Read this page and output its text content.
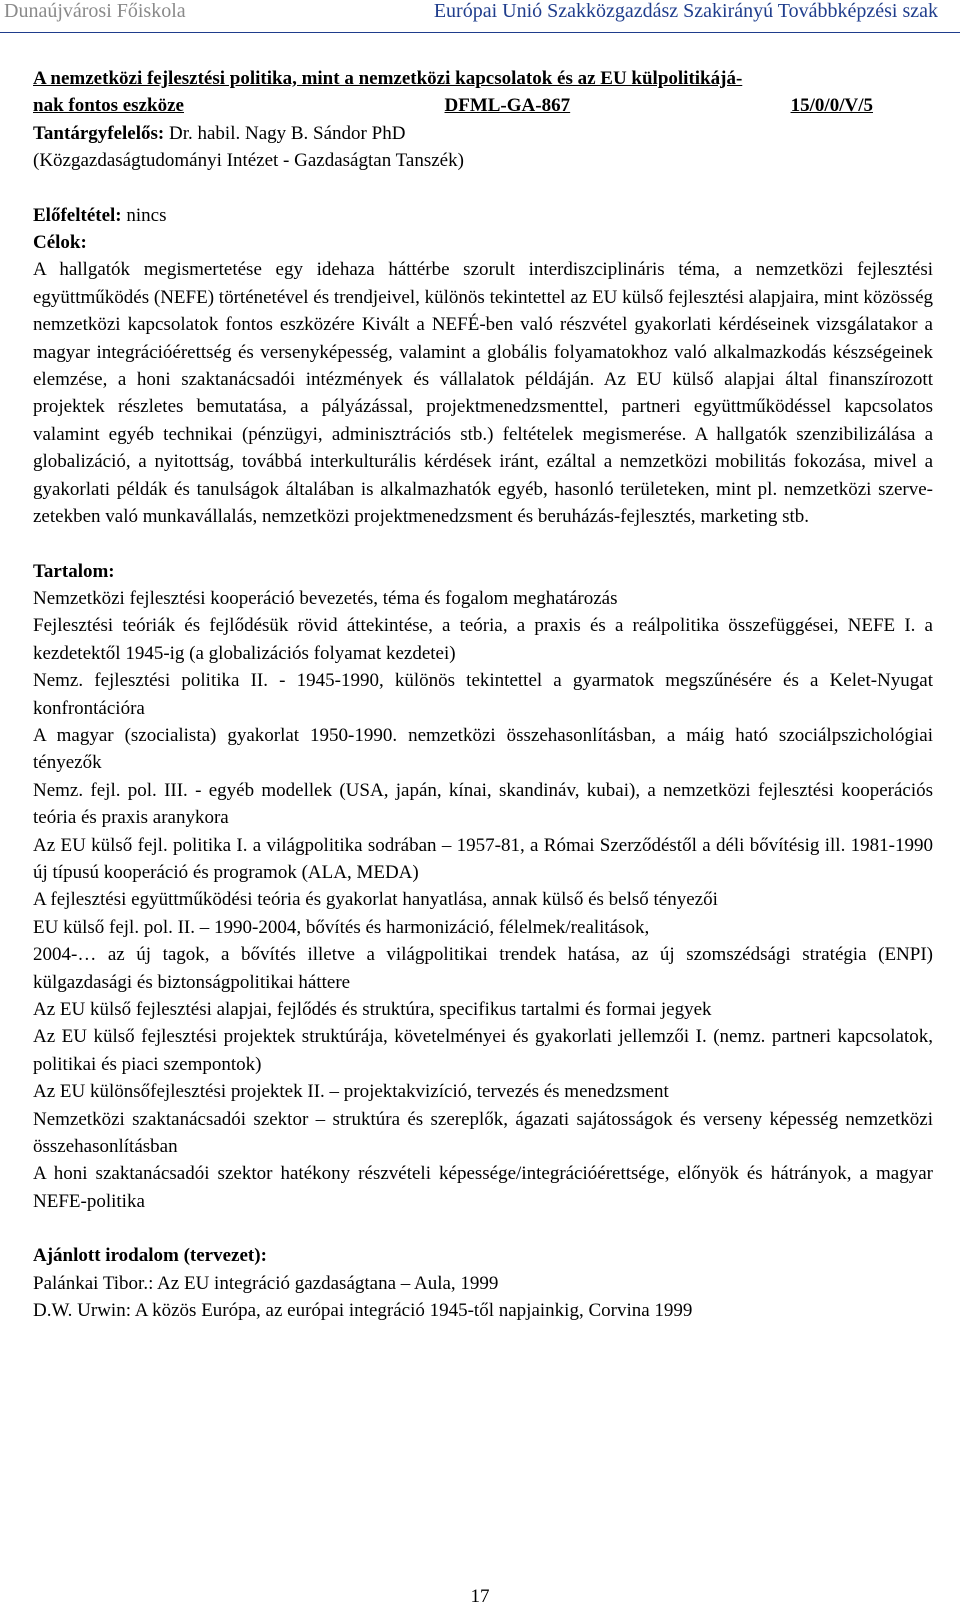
Dunaújvárosi Főiskola	Európai Unió Szakközgazdász Szakirányú Továbbképzési szak

A nemzetközi fejlesztési politika, mint a nemzetközi kapcsolatok és az EU külpolitikájá-

nak fontos eszköze	DFML-GA-867	15/0/0/V/5

Tantárgyfelelős: Dr. habil. Nagy B. Sándor PhD

(Közgazdaságtudományi Intézet - Gazdaságtan Tanszék)

Előfeltétel: nincs

Célok:

A hallgatók megismertetése egy idehaza háttérbe szorult interdiszciplináris téma, a nemzetközi fejlesztési együttműködés (NEFE) történetével és trendjeivel, különös tekintettel az EU külső fejlesztési alapjaira, mint közösség nemzetközi kapcsolatok fontos eszközére Kivált a NEFÉ-ben való részvétel gyakorlati kérdéseinek vizsgálatakor a magyar integrációérettség és versenyképesség, valamint a globális folyamatokhoz való alkalmazkodás készségeinek elemzése, a honi szaktanácsadói intézmények és vállalatok példáján. Az EU külső alapjai által finanszírozott projektek részletes bemutatása, a pályázással, projektmenedzsmenttel, partneri együttműködéssel kapcsolatos valamint egyéb technikai (pénzügyi, adminisztrációs stb.) feltételek megismerése. A hallgatók szenzibilizálása a globalizáció, a nyitottság, továbbá interkulturális kérdések iránt, ezáltal a nemzetközi mobilitás fokozása, mivel a gyakorlati példák és tanulságok általában is alkalmazhatók egyéb, hasonló területeken, mint pl. nemzetközi szervezetekben való munkavállalás, nemzetközi projektmenedzsment és beruházás-fejlesztés, marketing stb.

Tartalom:

Nemzetközi fejlesztési kooperáció bevezetés, téma és fogalom meghatározás

Fejlesztési teóriák és fejlődésük rövid áttekintése, a teória, a praxis és a reálpolitika összefüggései, NEFE I. a kezdetektől 1945-ig (a globalizációs folyamat kezdetei)

Nemz. fejlesztési politika II. - 1945-1990, különös tekintettel a gyarmatok megszűnésére és a Kelet-Nyugat konfrontációra

A magyar (szocialista) gyakorlat 1950-1990. nemzetközi összehasonlításban, a máig ható szociálpszichológiai tényezők

Nemz. fejl. pol. III. - egyéb modellek (USA, japán, kínai, skandináv, kubai), a nemzetközi fejlesztési kooperációs teória és praxis aranykora

Az EU külső fejl. politika I. a világpolitika sodrában – 1957-81, a Római Szerződéstől a déli bővítésig ill. 1981-1990 új típusú kooperáció és programok (ALA, MEDA)

A fejlesztési együttműködési teória és gyakorlat hanyatlása, annak külső és belső tényezői

EU külső fejl. pol. II. – 1990-2004, bővítés és harmonizáció, félelmek/realitások,

2004-… az új tagok, a bővítés illetve a világpolitikai trendek hatása, az új szomszédsági stratégia (ENPI) külgazdasági és biztonságpolitikai háttere

Az EU külső fejlesztési alapjai, fejlődés és struktúra, specifikus tartalmi és formai jegyek

Az EU külső fejlesztési projektek struktúrája, követelményei és gyakorlati jellemzői I. (nemz. partneri kapcsolatok, politikai és piaci szempontok)

Az EU különsőfejlesztési projektek II. – projektakvizíció, tervezés és menedzsment

Nemzetközi szaktanácsadói szektor – struktúra és szereplők, ágazati sajátosságok és verseny képesség nemzetközi összehasonlításban

A honi szaktanácsadói szektor hatékony részvételi képessége/integrációérettsége, előnyök és hátrányok, a magyar NEFE-politika

Ajánlott irodalom (tervezet):

Palánkai Tibor.: Az EU integráció gazdaságtana – Aula, 1999

D.W. Urwin: A közös Európa, az európai integráció 1945-től napjainkig, Corvina 1999

17
